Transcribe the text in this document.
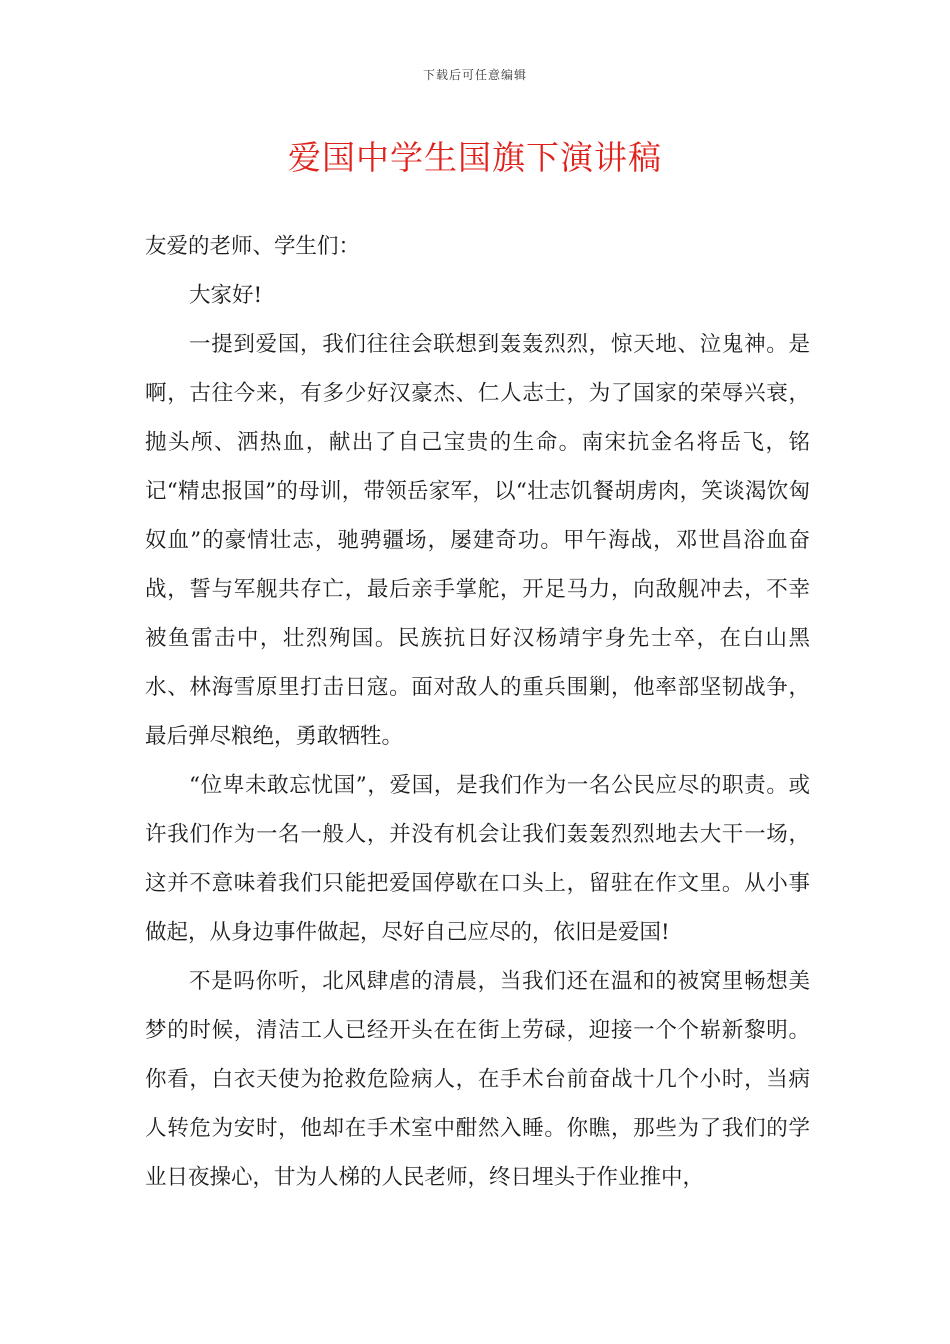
下载后可任意编辑
爱国中学生国旗下演讲稿

友爱的老师、学生们：

大家好!

一提到爱国，我们往往会联想到轰轰烈烈，惊天地、泣鬼神。是啊，古往今来，有多少好汉豪杰、仁人志士，为了国家的荣辱兴衰，抛头颅、洒热血，献出了自己宝贵的生命。南宋抗金名将岳飞，铭记“精忠报国”的母训，带领岳家军，以“壮志饥餐胡虏肉，笑谈渴饮匈奴血”的豪情壮志，驰骋疆场，屡建奇功。甲午海战，邓世昌浴血奋战，誓与军舰共存亡，最后亲手掌舵，开足马力，向敌舰冲去，不幸被鱼雷击中，壮烈殉国。民族抗日好汉杨靖宇身先士卒，在白山黑水、林海雪原里打击日寇。面对敌人的重兵围剿，他率部坚韧战争，最后弹尽粮绝，勇敢牺牲。

“位卑未敢忘忧国”，爱国，是我们作为一名公民应尽的职责。或许我们作为一名一般人，并没有机会让我们轰轰烈烈地去大干一场，这并不意味着我们只能把爱国停歇在口头上，留驻在作文里。从小事做起，从身边事件做起，尽好自己应尽的，依旧是爱国!

不是吗你听，北风肆虐的清晨，当我们还在温和的被窝里畅想美梦的时候，清洁工人已经开头在在街上劳碌，迎接一个个崭新黎明。你看，白衣天使为抢救危险病人，在手术台前奋战十几个小时，当病人转危为安时，他却在手术室中酣然入睡。你瞧，那些为了我们的学业日夜操心，甘为人梯的人民老师，终日埋头于作业推中，
